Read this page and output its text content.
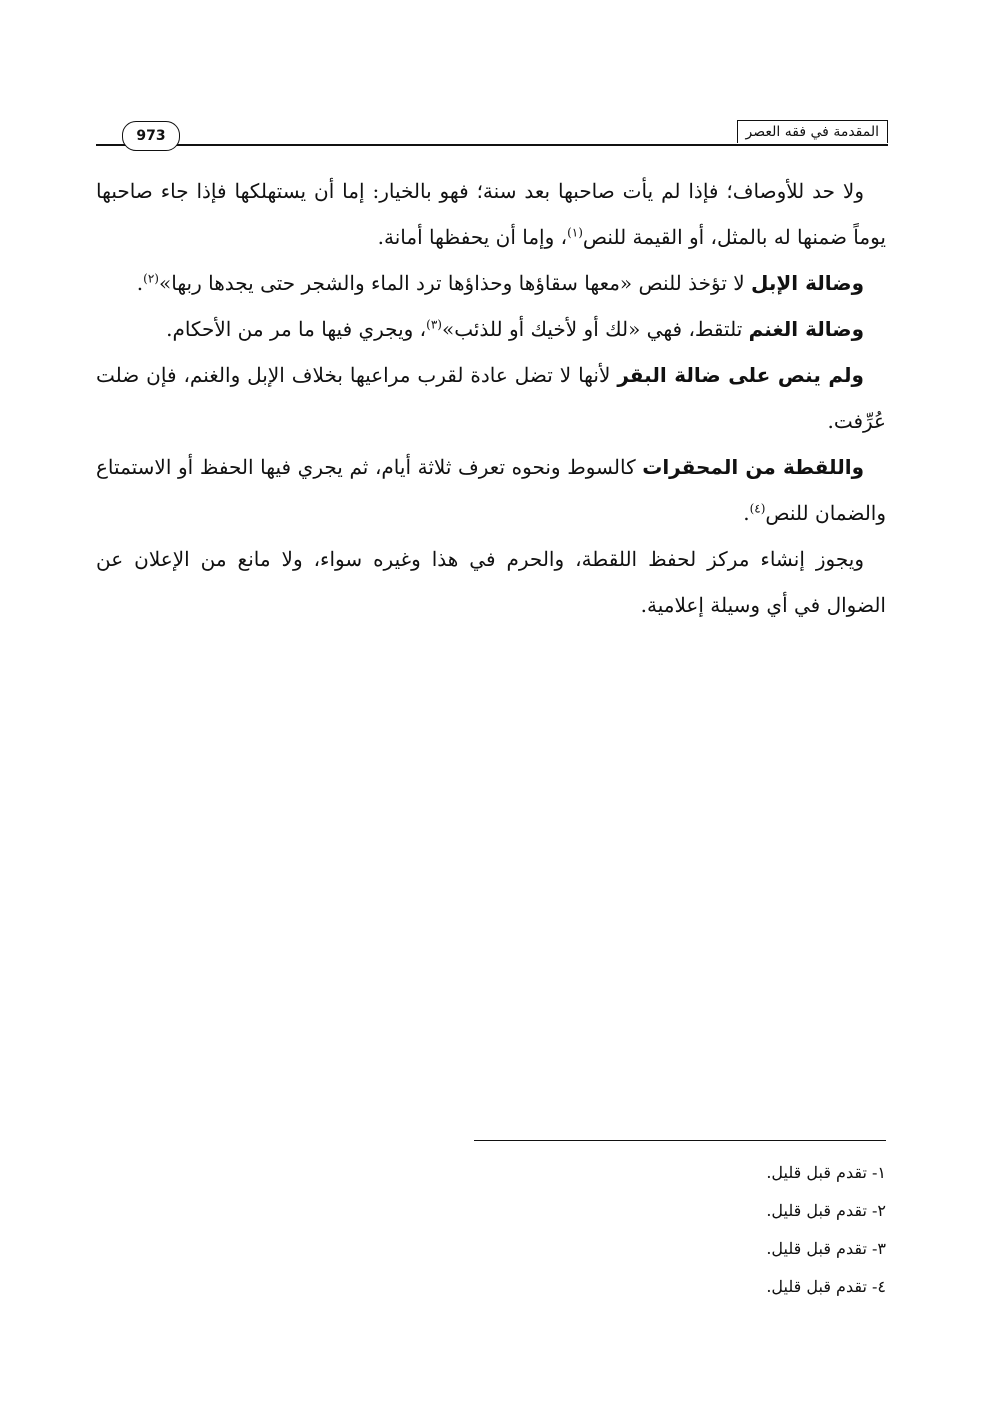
المقدمة في فقه العصر
973

ولا حد للأوصاف؛ فإذا لم يأت صاحبها بعد سنة؛ فهو بالخيار: إما أن يستهلكها فإذا جاء صاحبها يوماً ضمنها له بالمثل، أو القيمة للنص$^{(١)}$، وإما أن يحفظها أمانة.

وضالة الإبل لا تؤخذ للنص «معها سقاؤها وحذاؤها ترد الماء والشجر حتى يجدها ربها»$^{(٢)}$.

وضالة الغنم تلتقط، فهي «لك أو لأخيك أو للذئب»$^{(٣)}$، ويجري فيها ما مر من الأحكام.

ولم ينص على ضالة البقر لأنها لا تضل عادة لقرب مراعيها بخلاف الإبل والغنم، فإن ضلت عُرِّفت.

واللقطة من المحقرات كالسوط ونحوه تعرف ثلاثة أيام، ثم يجري فيها الحفظ أو الاستمتاع والضمان للنص$^{(٤)}$.

ويجوز إنشاء مركز لحفظ اللقطة، والحرم في هذا وغيره سواء، ولا مانع من الإعلان عن الضوال في أي وسيلة إعلامية.

١- تقدم قبل قليل.
٢- تقدم قبل قليل.
٣- تقدم قبل قليل.
٤- تقدم قبل قليل.
